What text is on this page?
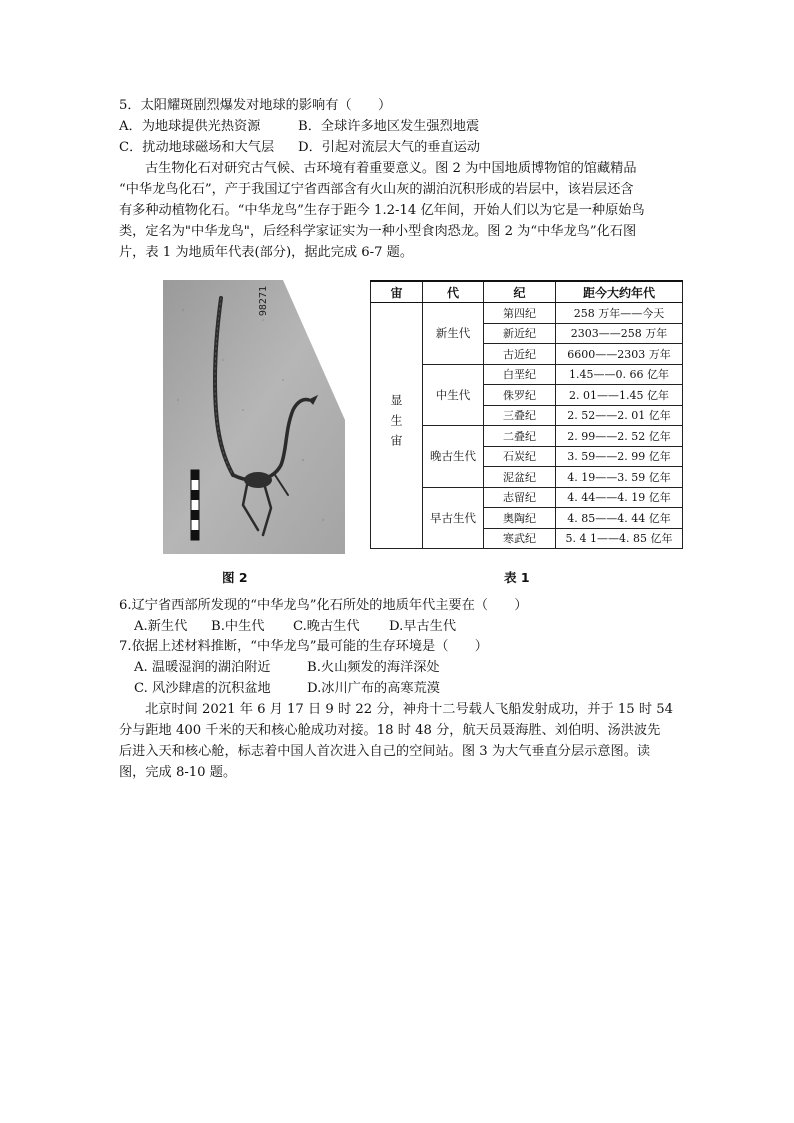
5．太阳耀斑剧烈爆发对地球的影响有（　　）
A．为地球提供光热资源	B．全球许多地区发生强烈地震
C．扰动地球磁场和大气层 D．引起对流层大气的垂直运动
古生物化石对研究古气候、古环境有着重要意义。图 2 为中国地质博物馆的馆藏精品
“中华龙鸟化石”，产于我国辽宁省西部含有火山灰的湖泊沉积形成的岩层中，该岩层还含
有多种动植物化石。“中华龙鸟”生存于距今 1.2-14 亿年间，开始人们以为它是一种原始鸟
类，定名为"中华龙鸟"，后经科学家证实为一种小型食肉恐龙。图 2 为“中华龙鸟”化石图
片，表 1 为地质年代表(部分)，据此完成 6-7 题。
98271	宙	代	纪	距今大约年代
显生宙	新生代	第四纪	258 万年——今天
		新近纪	2303——258 万年
		古近纪	6600——2303 万年
	中生代	白垩纪	1.45——0. 66 亿年
		侏罗纪	2. 01——1.45 亿年
		三叠纪	2. 52——2. 01 亿年
	晚古生代	二叠纪	2. 99——2. 52 亿年
		石炭纪	3. 59——2. 99 亿年
		泥盆纪	4. 19——3. 59 亿年
	早古生代	志留纪	4. 44——4. 19 亿年
		奥陶纪	4. 85——4. 44 亿年
		寒武纪	5. 4 1——4. 85 亿年
图 2	表 1
6.辽宁省西部所发现的“中华龙鸟”化石所处的地质年代主要在（　　）
A.新生代 B.中生代 C.晚古生代 D.早古生代
7.依据上述材料推断，“中华龙鸟”最可能的生存环境是（　　）
A. 温暖湿润的湖泊附近	B.火山频发的海洋深处
C. 风沙肆虐的沉积盆地	D.冰川广布的高寒荒漠
北京时间 2021 年 6 月 17 日 9 时 22 分，神舟十二号载人飞船发射成功，并于 15 时 54
分与距地 400 千米的天和核心舱成功对接。18 时 48 分，航天员聂海胜、刘伯明、汤洪波先
后进入天和核心舱，标志着中国人首次进入自己的空间站。图 3 为大气垂直分层示意图。读
图，完成 8-10 题。
